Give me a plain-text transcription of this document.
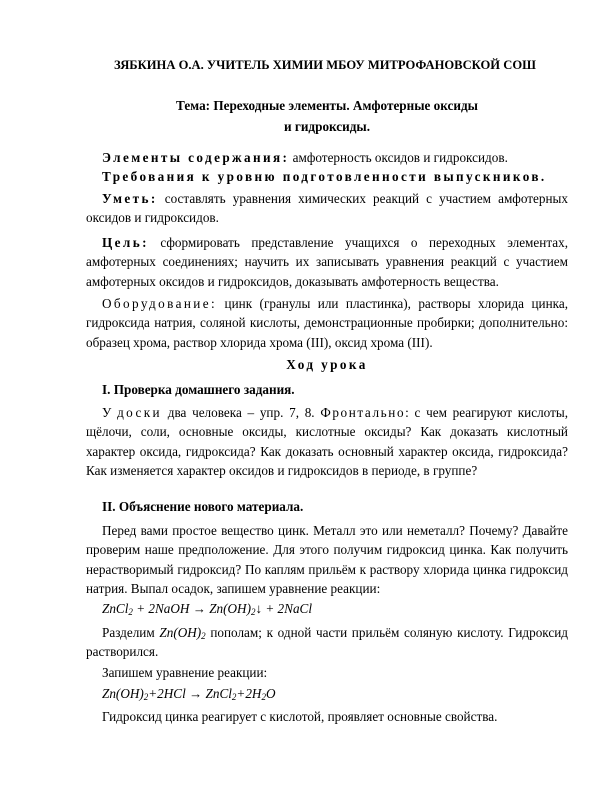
ЗЯБКИНА О.А. УЧИТЕЛЬ ХИМИИ МБОУ МИТРОФАНОВСКОЙ СОШ
Тема: Переходные элементы. Амфотерные оксиды
и гидроксиды.
Элементы содержания: амфотерность оксидов и гидроксидов.
Требования к уровню подготовленности выпускников.
Уметь: составлять уравнения химических реакций с участием амфотерных оксидов и гидроксидов.
Цель: сформировать представление учащихся о переходных элементах, амфотерных соединениях; научить их записывать уравнения реакций с участием амфотерных оксидов и гидроксидов, доказывать амфотерность вещества.
Оборудование: цинк (гранулы или пластинка), растворы хлорида цинка, гидроксида натрия, соляной кислоты, демонстрационные пробирки; дополнительно: образец хрома, раствор хлорида хрома (III), оксид хрома (III).
Ход урока
I. Проверка домашнего задания.
У доски два человека – упр. 7, 8. Фронтально: с чем реагируют кислоты, щёлочи, соли, основные оксиды, кислотные оксиды? Как доказать кислотный характер оксида, гидроксида? Как доказать основный характер оксида, гидроксида? Как изменяется характер оксидов и гидроксидов в периоде, в группе?
II. Объяснение нового материала.
Перед вами простое вещество цинк. Металл это или неметалл? Почему? Давайте проверим наше предположение. Для этого получим гидроксид цинка. Как получить нерастворимый гидроксид? По каплям прильём к раствору хлорида цинка гидроксид натрия. Выпал осадок, запишем уравнение реакции:
ZnCl$_2$ + 2NaOH → $Zn(OH)_2↓$ + 2NaCl
Разделим $Zn(OH)_2$ пополам; к одной части прильём соляную кислоту. Гидроксид растворился.
Запишем уравнение реакции:
$Zn(OH)_2+2HCl$ → $ZnCl_2+2H_2O$
Гидроксид цинка реагирует с кислотой, проявляет основные свойства.
